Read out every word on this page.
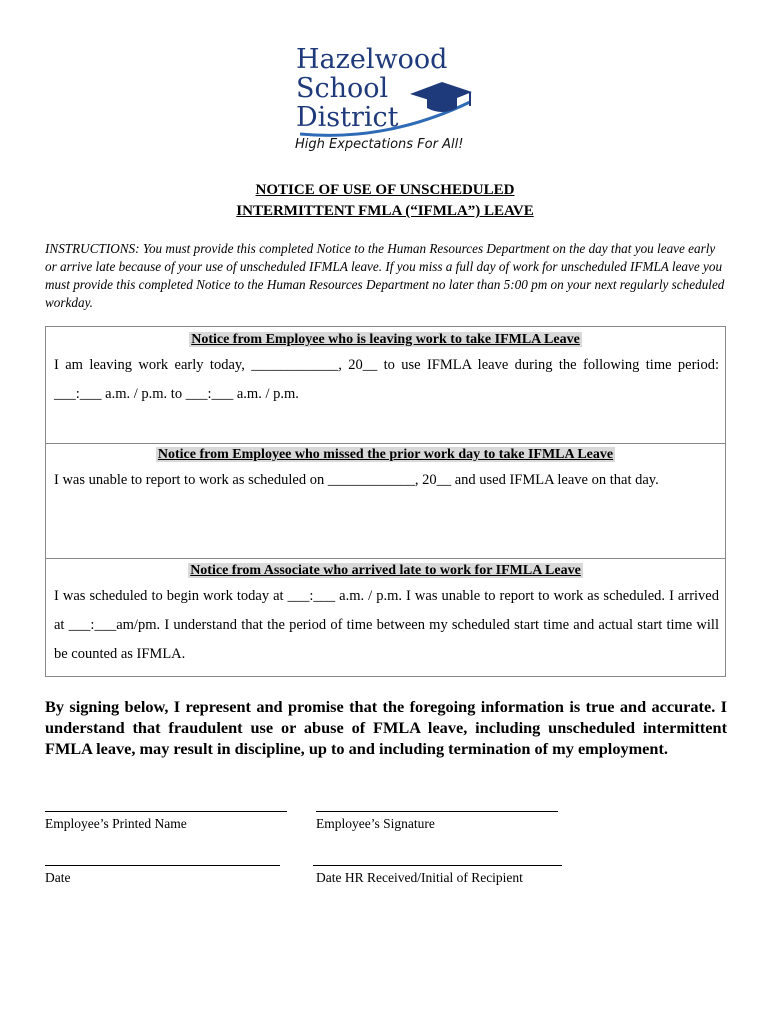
Hazelwood
School
District
High Expectations For All!
NOTICE OF USE OF UNSCHEDULED
INTERMITTENT FMLA (“IFMLA”) LEAVE
INSTRUCTIONS: You must provide this completed Notice to the Human Resources Department on the day that you leave early or arrive late because of your use of unscheduled IFMLA leave. If you miss a full day of work for unscheduled IFMLA leave you must provide this completed Notice to the Human Resources Department no later than 5:00 pm on your next regularly scheduled workday.
Notice from Employee who is leaving work to take IFMLA Leave
I am leaving work early today, ____________, 20__ to use IFMLA leave during the following time period: ___:___ a.m. / p.m. to ___:___ a.m. / p.m.
Notice from Employee who missed the prior work day to take IFMLA Leave
I was unable to report to work as scheduled on ____________, 20__ and used IFMLA leave on that day.
Notice from Associate who arrived late to work for IFMLA Leave
I was scheduled to begin work today at ___:___ a.m. / p.m. I was unable to report to work as scheduled. I arrived at ___:___am/pm. I understand that the period of time between my scheduled start time and actual start time will be counted as IFMLA.
By signing below, I represent and promise that the foregoing information is true and accurate. I understand that fraudulent use or abuse of FMLA leave, including unscheduled intermittent FMLA leave, may result in discipline, up to and including termination of my employment.
Employee’s Printed Name	Employee’s Signature
Date	Date HR Received/Initial of Recipient
